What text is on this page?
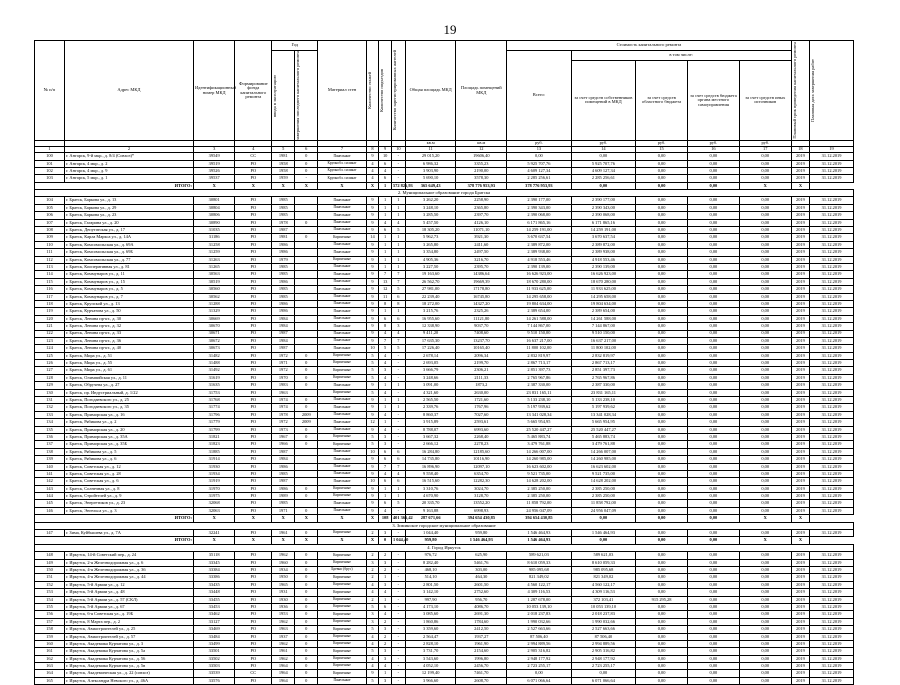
19
№ п/п	Адрес МКД	Идентификационный номер МКД	Формирование фонда капитального ремонта	Год		Материал стен	Количество этажей	Количество подъездов	Количество зарегистрированных жителей	Общая площадь МКД	Площадь помещений МКД	Стоимость капитального ремонта					Плановый срок проведения капитального ремонта	Плановая дата завершения работ

				ввода в эксплуатацию	завершения последнего капитального ремонта							Всего:	в том числе:					
													за счет средств собственников помещений в МКД	за счет средств областного бюджета	за счет средств бюджета органа местного самоуправления	за счет средств иных источников		
										кв.м	кв.м	руб.	руб.	руб.	руб.	руб.		
1	2	3	4	5	6	7	8	9	10	11	12	13	14	15	16	17	18	19
100	г. Ангарск, 9-й мкр., д. 8/4 (Совхоз)*	39549	СС	1981	0	Панельные	9	10	-	29 015,20	19606,40	0,00	0,00	0,00	0,00	0,00	2019	31.12.2019
101	г. Ангарск, 4 мкр., д. 2	39519	РО	1958	0	Крупнобл. силикат	4	6	-	6 986,32	3355,23	5 925 707,76	5 925 707,76	0,00	0,00	0,00	2019	31.12.2019
102	г. Ангарск, 4 мкр., д. 9	39526	РО	1958	0	Крупнобл. силикат	4	4	-	3 903,90	2190,00	4 609 127,34	4 609 127,34	0,00	0,00	0,00	2019	31.12.2019
103	г. Ангарск, 5 мкр., д. 1	39537	РО	1959	-	Крупнобл. силикат	4	6	-	5 690,10	3578,30	2 285 256,61	2 285 256,61	0,00	0,00	0,00	2019	31.12.2019
ИТОГО:		X	X	X	X	X	X	1	572 826,93	365 649,43	378 776 953,93	378 776 953,93	0,00	0,00	0,00	X	X	
2. Муниципальное образование города Братска																		
104	г. Братск, Баркова ул., д. 13	30801	РО	1985		Панельные	9	1	1	3 262,20	2258,90	2 390 177,00	2 390 177,00	0,00	0,00	0,00	2019	31.12.2019
105	г. Братск, Баркова ул., д. 29	30804	РО	1985		Панельные	9	1	1	3 248,10	2365,80	2 390 343,00	2 390 343,00	0,00	0,00	0,00	2019	31.12.2019
106	г. Братск, Баркова ул., д. 23	30806	РО	1985		Панельные	9	1	1	3 285,50	2397,70	2 390 068,00	2 390 068,00	0,00	0,00	0,00	2019	31.12.2019
107	г. Братск, Гагарина ул., д. 20	30890	РО	1978	0	Панельные	9	4	4	5 457,50	4126,10	6 171 865,16	6 171 865,16	0,00	0,00	0,00	2019	31.12.2019
108	г. Братск, Депутатская ул., д. 17	31035	РО	1987		Панельные	9	6	5	18 305,20	11071,10	14 259 191,00	14 259 191,00	0,00	0,00	0,00	2019	31.12.2019
109	г. Братск, Карла Маркса ул., д. 14А	31186	РО	1981	0	Кирпичные	14	1	1	5 962,73	3921,30	3 670 637,54	3 670 637,54	0,00	0,00	0,00	2019	31.12.2019
110	г. Братск, Комсомольская ул., д. 69А	31258	РО	1986		Панельные	9	1	1	3 265,80	2411,60	2 389 872,00	2 389 872,00	0,00	0,00	0,00	2019	31.12.2019
111	г. Братск, Комсомольская ул., д. 69Б	31259	РО	1986		Панельные	9	1	1	3 354,80	2497,50	2 389 938,00	2 389 938,00	0,00	0,00	0,00	2019	31.12.2019
112	г. Братск, Комсомольская ул., д. 77	31263	РО	1979		Кирпичные	9	1	1	4 905,36	3216,70	4 918 553,46	4 918 553,46	0,00	0,00	0,00	2019	31.12.2019
113	г. Братск, Кооперативная ул., д. 81	31265	РО	1985		Панельные	9	1	1	3 227,50	2395,70	2 390 139,00	2 390 139,00	0,00	0,00	0,00	2019	31.12.2019
114	г. Братск, Коммунаров ул., д. 11	30563	РО	1985		Панельные	9	7	7	19 163,60	14386,64	16 626 923,00	16 626 923,00	0,00	0,00	0,00	2019	31.12.2019
115	г. Братск, Коммунаров ул., д. 15	30519	РО	1986		Панельные	9	13	7	26 562,70	19669,39	18 670 280,00	18 670 280,00	0,00	0,00	0,00	2019	31.12.2019
116	г. Братск, Коммунаров ул., д. 5	30560	РО	1985		Панельные	9	12	5	27 981,00	17178,80	11 933 625,00	11 933 625,00	0,00	0,00	0,00	2019	31.12.2019
117	г. Братск, Коммунаров ул., д. 7	30562	РО	1985		Панельные	9	11	6	22 239,40	16745,80	14 295 658,00	14 295 658,00	0,00	0,00	0,00	2019	31.12.2019
118	г. Братск, Крупской ул., д. 13	31288	РО	1986		Панельные	9	8	8	18 272,00	14327,20	19 804 634,00	19 804 634,00	0,00	0,00	0,00	2019	31.12.2019
119	г. Братск, Курчатова ул., д. 50	31329	РО	1986		Панельные	9	1	1	3 215,76	2325,26	2 389 654,00	2 389 654,00	0,00	0,00	0,00	2019	31.12.2019
120	г. Братск, Ленина пр-кт., д. 30	30669	РО	1984		Панельные	9	6	6	16 955,60	11121,80	14 261 588,00	14 261 588,00	0,00	0,00	0,00	2019	31.12.2019
121	г. Братск, Ленина пр-кт., д. 32	30670	РО	1984		Панельные	9	8	3	12 338,90	9037,70	7 144 867,00	7 144 867,00	0,00	0,00	0,00	2019	31.12.2019
122	г. Братск, Ленина пр-кт., д. 33	30671	РО	1987		Панельные	9	4	4	9 411,20	7408,60	9 510 150,00	9 510 150,00	0,00	0,00	0,00	2019	31.12.2019
123	г. Братск, Ленина пр-кт., д. 36	30672	РО	1984		Панельные	9	7	7	17 635,30	13237,70	16 637 217,00	16 637 217,00	0,00	0,00	0,00	2019	31.12.2019
124	г. Братск, Ленина пр-кт., д. 40	30673	РО	1987		Панельные	10	5	5	17 226,40	10165,40	11 800 102,00	11 800 102,00	0,00	0,00	0,00	2019	31.12.2019
125	г. Братск, Мира ул., д. 51	31482	РО	1972	0	Кирпичные	5	4	-	2 678,14	2096,34	2 832 819,97	2 832 819,97	0,00	0,00	0,00	2019	31.12.2019
126	г. Братск, Мира ул., д. 55	31488	РО	1971	0	Кирпичные	5	4	-	2 693,05	2199,70	2 867 713,17	2 867 713,17	0,00	0,00	0,00	2019	31.12.2019
127	г. Братск, Мира ул., д. 61	31492	РО	1972	0	Кирпичные	5	3	-	3 666,79	2306,21	2 851 397,73	2 851 397,73	0,00	0,00	0,00	2019	31.12.2019
128	г. Братск, Олимпийская ул., д. 11	31619	РО	1970	0	Кирпичные	5	4	-	3 248,66	2111,33	2 765 967,86	2 765 967,86	0,00	0,00	0,00	2019	31.12.2019
129	г. Братск, Обручева ул., д. 27	31635	РО	1983	0	Панельные	9	1	1	3 091,00	1873,2	2 387 330,00	2 387 330,00	0,00	0,00	0,00	2019	31.12.2019
130	г. Братск, пр. Индустриальный, д. 1/22	31753	РО	1963		Кирпичные	5	4	-	4 321,60	2630,00	23 831 165,11	23 831 165,11	0,00	0,00	0,00	2019	31.12.2019
131	г. Братск, Погодаевского ул., д. 25	31768	РО	1974	0	Панельные	9	1	1	2 565,50	1721,60	5 133 238,10	5 133 238,10	0,00	0,00	0,00	2019	31.12.2019
132	г. Братск, Погодаевского ул., д. 35	31774	РО	1974	0	Панельные	9	1	1	2 339,76	1767,96	5 197 939,62	5 197 939,62	0,00	0,00	0,00	2019	31.12.2019
133	г. Братск, Приморская ул., д. 16	31796	РО	1978	2009	Панельные	9	4	-	8 860,37	7027,60	13 341 028,34	13 341 028,34	0,00	0,00	0,00	2019	31.12.2019
134	г. Братск, Рябикова ул., д. 2	31779	РО	1972	2009	Панельные	12	1	-	3 915,89	2593,61	5 665 954,95	5 665 954,95	0,00	0,00	0,00	2019	31.12.2019
135	г. Братск, Приморская ул., д. 20	31799	РО	1973	0	Панельные	9	4	-	8 788,07	6993,60	25 520 447,27	25 520 447,27	0,00	0,00	0,00	2019	31.12.2019
136	г. Братск, Приморская ул., д. 35А	31821	РО	1967	0	Кирпичные	5	3	-	3 667,32	2268,40	5 465 883,74	5 465 883,74	0,00	0,00	0,00	2019	31.12.2019
137	г. Братск, Приморская ул., д. 35Б	31823	РО	1966	0	Кирпичные	5	3	-	2 666,12	2278,23	3 479 761,88	3 479 761,88	0,00	0,00	0,00	2019	31.12.2019
138	г. Братск, Рябикова ул., д. 5	31885	РО	1987		Панельные	10	6	6	16 284,80	12185,60	14 266 007,00	14 266 007,00	0,00	0,00	0,00	2019	31.12.2019
139	г. Братск, Рябикова ул., д. 6	31914	РО	1984		Панельные	9	6	6	14 735,80	10116,90	14 260 985,00	14 260 985,00	0,00	0,00	0,00	2019	31.12.2019
140	г. Братск, Советская ул., д. 12	31930	РО	1986		Панельные	9	7	7	16 896,90	12097,10	16 623 602,00	16 623 602,00	0,00	0,00	0,00	2019	31.12.2019
141	г. Братск, Советская ул., д. 28	31934	РО	1985		Панельные	9	4	4	9 558,40	6354,70	9 521 735,00	9 521 735,00	0,00	0,00	0,00	2019	31.12.2019
142	г. Братск, Советская ул., д. 6	31919	РО	1987		Панельные	10	6	6	16 515,60	12282,30	14 628 202,00	14 628 202,00	0,00	0,00	0,00	2019	31.12.2019
143	г. Братск, Солнечная ул., д. 8	31970	РО	1986	0	Кирпичные	9	1	1	3 310,76	3024,70	2 385 250,00	2 385 250,00	0,00	0,00	0,00	2019	31.12.2019
144	г. Братск, Стройтелей ул., д. 9	31975	РО	1989	0	Кирпичные	9	1	1	4 670,90	3128,70	2 385 250,00	2 385 250,00	0,00	0,00	0,00	2019	31.12.2019
145	г. Братск, Энергетиков ул., д. 23	32068	РО	1985		Панельные	9	6	5	20 335,70	13552,20	11 858 792,00	11 858 792,00	0,00	0,00	0,00	2019	31.12.2019
146	г. Братск, Энгельса ул., д. 3	32063	РО	1971	0	Панельные	9	4	-	9 163,88	6998,93	24 956 047,09	24 956 047,09	0,00	0,00	0,00	2019	31.12.2019
ИТОГО:		X	X	X	X	X	X	108	401 366,42	287 671,66	394 654 430,85	394 654 430,85	0,00	0,00	0,00	X	X	
3. Зиминское городское муниципальное образование																		
147	г. Зима, Куйбышева ул., д. 7А	32241	РО	1961	0	Кирпичные	2	3	-	1 044,40	959,80	1 546 464,93	1 546 464,93	0,00	0,00	0,00	2019	31.12.2019
ИТОГО:		X	X	X	X	X	X	0	1 044,40	959,80	1 546 464,93	1 546 464,93	0,00	0,00	0,00	X	X	
4. Город Иркутск																		
148	г. Иркутск, 14-й Советский пер., д. 24	35118	РО	1962	0	Кирпичные	2	2	-	976,72	625,90	589 621,03	589 621,03	0,00	0,00	0,00	2019	31.12.2019
149	г. Иркутск, 2-я Железнодорожная ул., д. 6	33345	РО	1960	0	Кирпичные	3	3	-	8 282,40	5461,76	8 610 059,33	8 610 059,33	0,00	0,00	0,00	2019	31.12.2019
150	г. Иркутск, 4-я Железнодорожная ул., д. 36	33384	РО	1934	0	Бревно (брус)	2	2	-	468,10	303,00	985 095,68	985 095,68	0,00	0,00	0,00	2019	31.12.2019
151	г. Иркутск, 4-я Железнодорожная ул., д. 44	33386	РО	1950	0	Кирпичные	2	1	-	514,10	464,30	821 349,02	821 349,02	0,00	0,00	0,00	2019	31.12.2019
152	г. Иркутск, 5-й Армии ул., д. 12	33435	РО	1965	0	Кирпичные	4	3	-	2 801,50	2601,50	4 560 122,17	4 560 122,17	0,00	0,00	0,00	2019	31.12.2019
153	г. Иркутск, 5-й Армии ул., д. 48	33448	РО	1931	0	Кирпичные	4	4	-	3 142,10	2752,60	4 309 116,53	4 309 116,53	0,00	0,00	0,00	2019	31.12.2019
154	г. Иркутск, 5-й Армии ул., д. 57 (СКЛ)	33455	РО	1930	0	Кирпичные	2	1	-	997,90	956,70	1 287 678,00	372 103,41	915 295,28	0,00	0,00	2019	31.12.2019
155	г. Иркутск, 5-й Армии ул., д. 67	33453	РО	1936	0	Кирпичные	5	6	-	4 173,10	4086,70	10 053 139,10	10 053 139,10	0,00	0,00	0,00	2019	31.12.2019
156	г. Иркутск, 6-я Советская ул., д. 19Б	33462	РО	1953	0	Кирпичные	3	4	-	3 085,60	2691,30	2 018 237,83	2 018 237,83	0,00	0,00	0,00	2019	31.12.2019
157	г. Иркутск, 8 Марта пер., д. 2	33127	РО	1962	0	Кирпичные	3	2	-	1 860,86	1784,60	1 990 032,66	1 990 032,66	0,00	0,00	0,00	2019	31.12.2019
158	г. Иркутск, Авиастроителей ул., д. 25	33469	РО	1963	0	Кирпичные	5	3	-	3 359,60	2412,50	2 527 663,66	2 527 663,66	0,00	0,00	0,00	2019	31.12.2019
159	г. Иркутск, Авиастроителей ул., д. 57	33484	РО	1937	0	Кирпичные	4	2	-	2 564,47	1937,27	87 506,40	87 506,40	0,00	0,00	0,00	2019	31.12.2019
160	г. Иркутск, Академика Курчатова ул., д. 3	33499	РО	1962	0	Кирпичные	4	2	-	2 828,10	1961,90	2 994 889,56	2 994 889,56	0,00	0,00	0,00	2019	31.12.2019
161	г. Иркутск, Академика Курчатова ул., д. 5а	33501	РО	1961	0	Кирпичные	5	3	-	3 731,70	2154,60	2 905 316,82	2 905 316,82	0,00	0,00	0,00	2019	31.12.2019
162	г. Иркутск, Академика Курчатова ул., д. 56	33502	РО	1962	0	Кирпичные	4	3	-	3 543,60	1996,80	2 948 177,92	2 948 177,92	0,00	0,00	0,00	2019	31.12.2019
163	г. Иркутск, Академика Курчатова ул., д. 5в	33503	РО	1964	0	Кирпичные	4	4	-	4 052,10	2456,70	2 723 255,17	2 723 255,17	0,00	0,00	0,00	2019	31.12.2019
164	г. Иркутск, Академическая ул., д. 22 (совхоз)	33539	СС	1964	0	Кирпичные	9	1	-	12 199,40	7461,70	0,00	0,00	0,00	0,00	0,00	2019	31.12.2019
165	г. Иркутск, Александра Невского ул., д. 46А	33576	РО	1964	0	Панельные	5	3	-	3 966,60	2608,70	6 071 066,64	6 071 066,64	0,00	0,00	0,00	2019	31.12.2019
